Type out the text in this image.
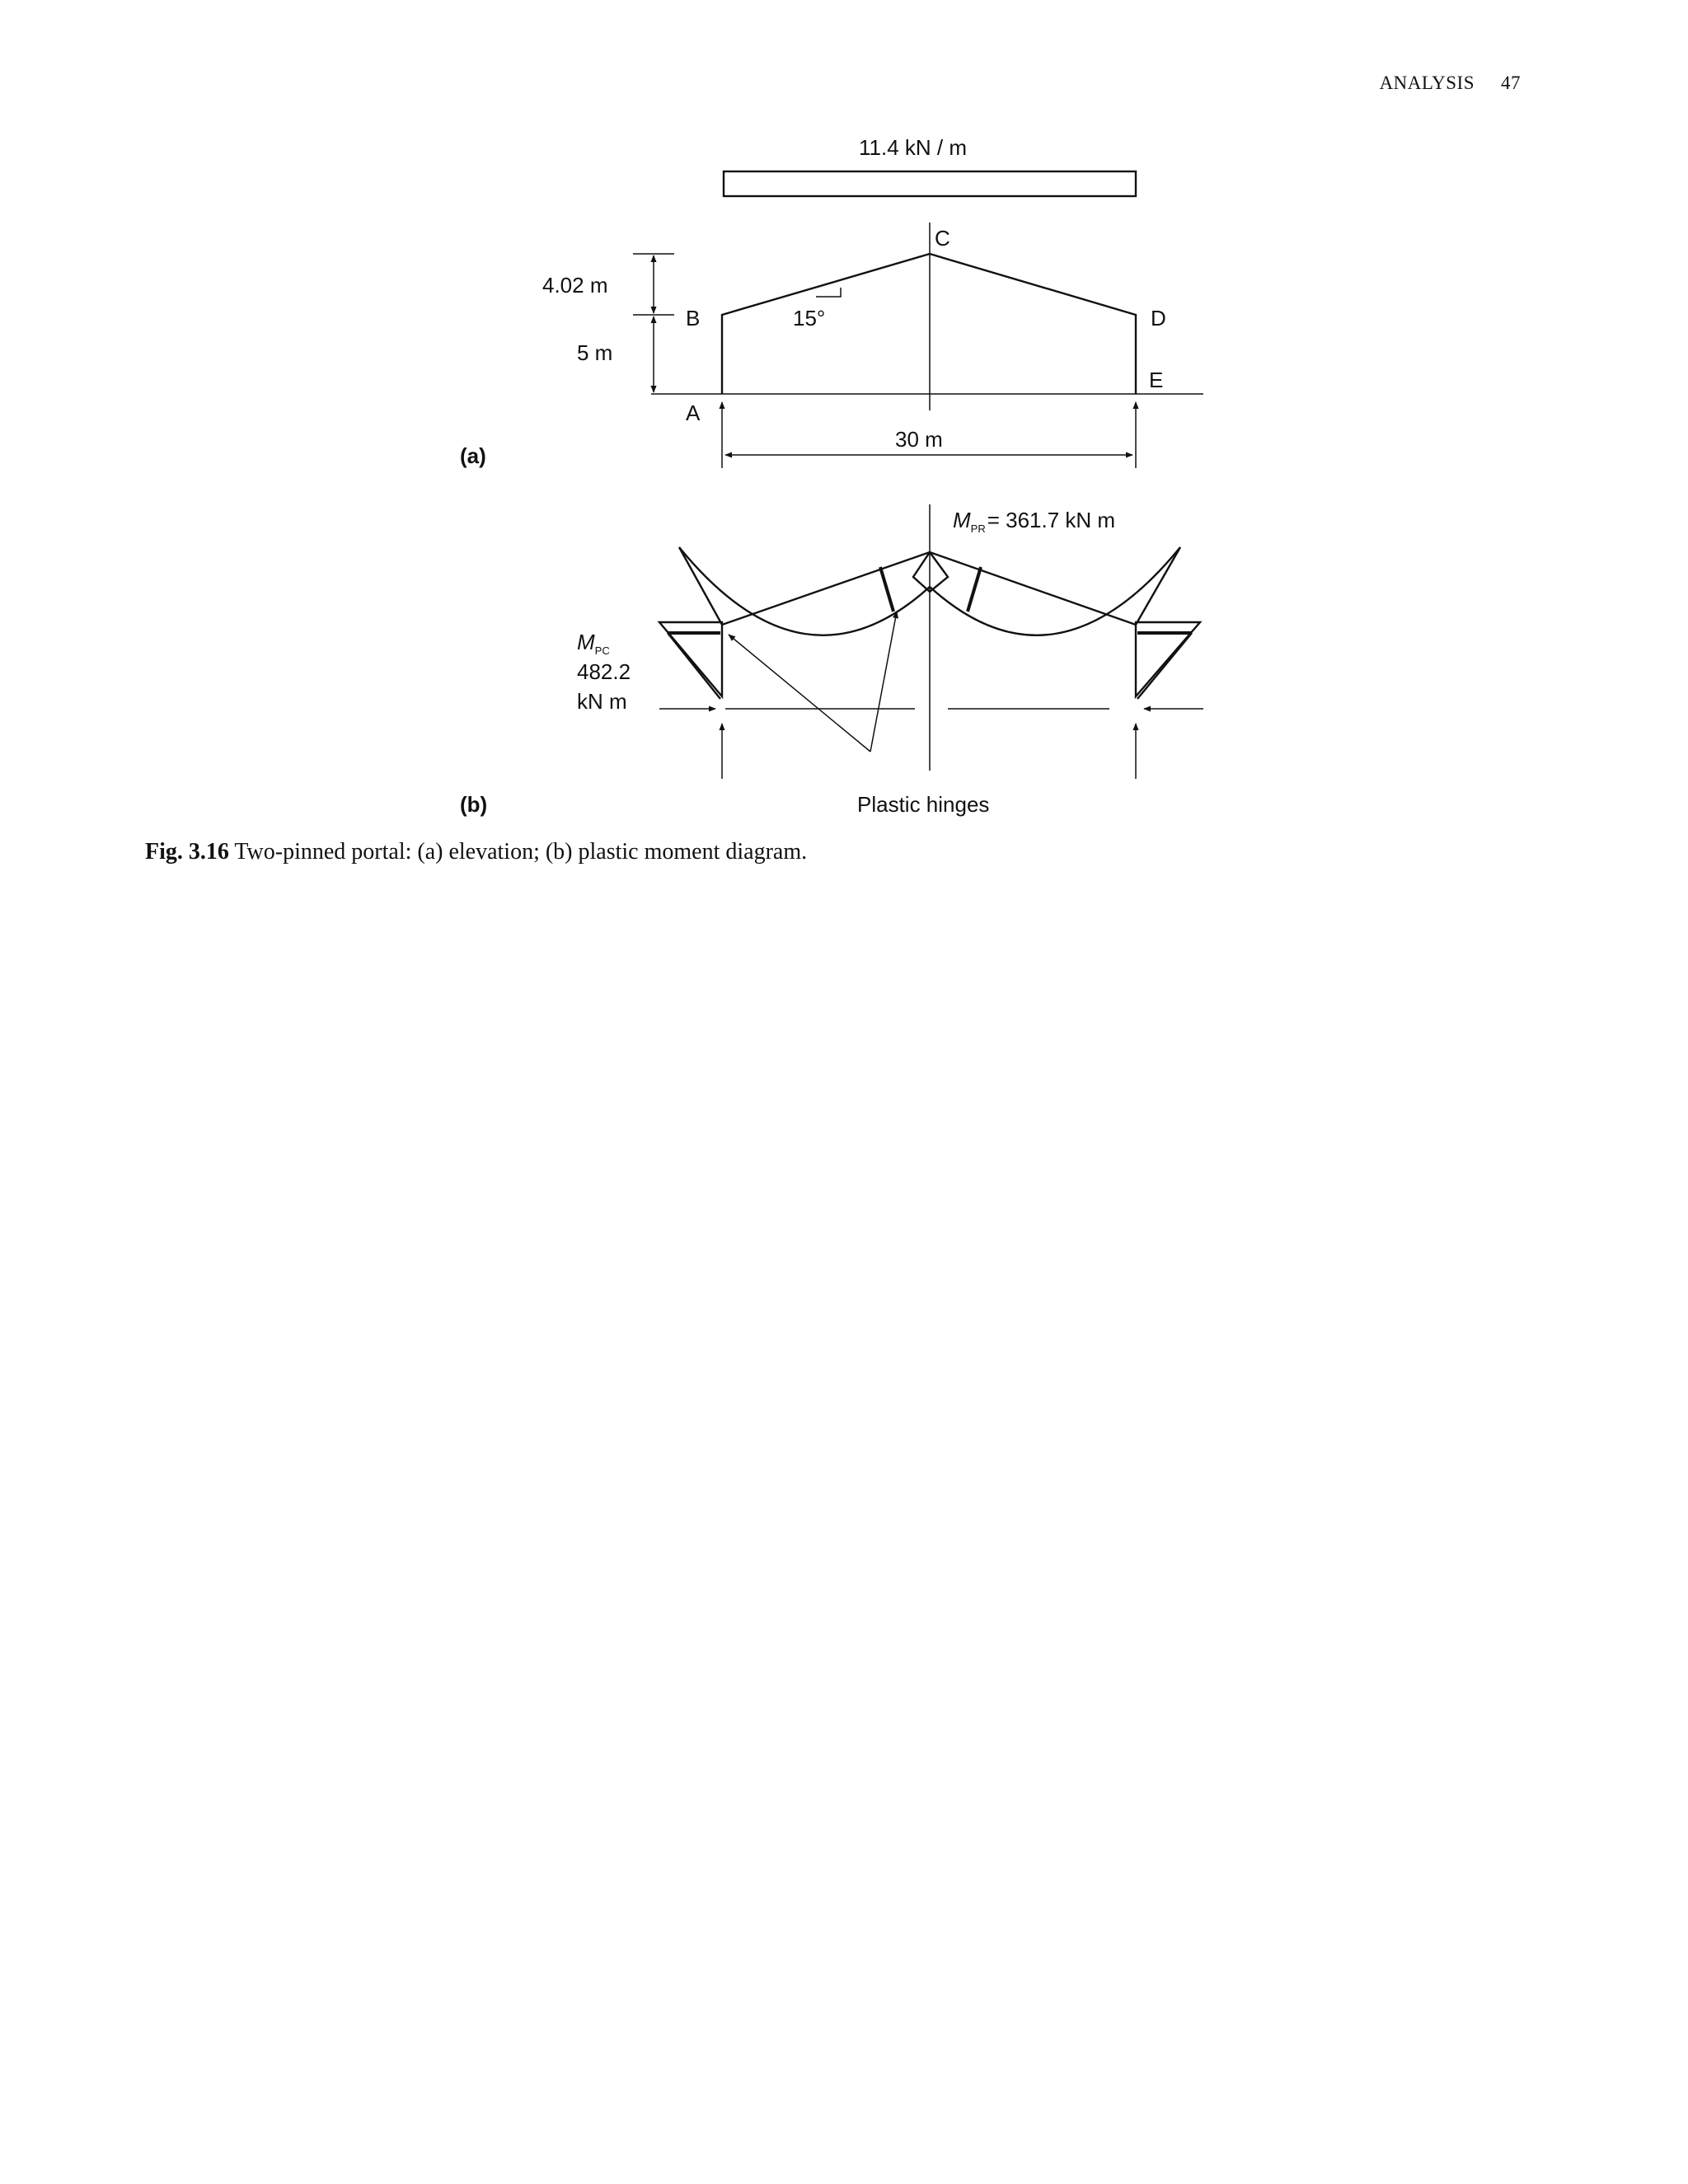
ANALYSIS 47
11.4 kN / m
15°
C
B	D
E
A
4.02 m
5 m
30 m
(a)
$M_{PR}= 361.7$ kN m
$M_{PC}$
482.2
kN m
(b)	Plastic hinges
Fig. 3.16 Two-pinned portal: (a) elevation; (b) plastic moment diagram.
